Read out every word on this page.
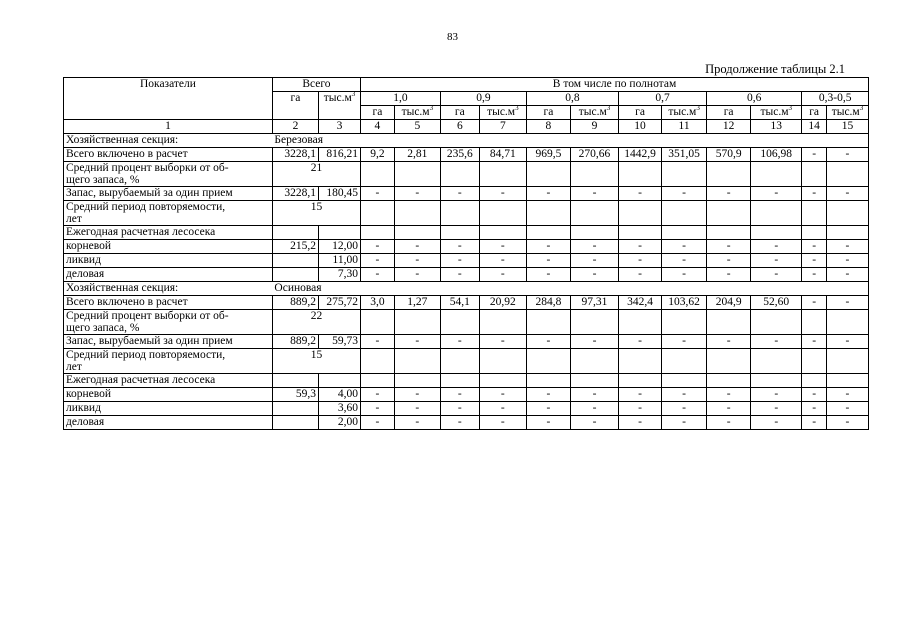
83
Продолжение таблицы 2.1
Показатели	Всего		В том числе по полнотам											
	га	$тыс.м^3$	1,0		0,9		0,8		0,7		0,6		0,3-0,5	
			га	$тыс.м^3$	га	$тыс.м^3$	га	$тыс.м^3$	га	$тыс.м^3$	га	$тыс.м^3$	га	$тыс.м^3$
1	2	3	4	5	6	7	8	9	10	11	12	13	14	15
Хозяйственная секция:	Березовая													
Всего включено в расчет	3228,1	816,21	9,2	2,81	235,6	84,71	969,5	270,66	1442,9	351,05	570,9	106,98	-	-

Средний процент выборки от об-
щего запаса, %	21													
Запас, вырубаемый за один прием	3228,1	180,45	-	-	-	-	-	-	-	-	-	-	-	-

Средний период повторяемости,
лет	15													
Ежегодная расчетная лесосека														
корневой	215,2	12,00	-	-	-	-	-	-	-	-	-	-	-	-
ликвид		11,00	-	-	-	-	-	-	-	-	-	-	-	-
деловая		7,30	-	-	-	-	-	-	-	-	-	-	-	-
Хозяйственная секция:	Осиновая													
Всего включено в расчет	889,2	275,72	3,0	1,27	54,1	20,92	284,8	97,31	342,4	103,62	204,9	52,60	-	-

Средний процент выборки от об-
щего запаса, %	22													
Запас, вырубаемый за один прием	889,2	59,73	-	-	-	-	-	-	-	-	-	-	-	-

Средний период повторяемости,
лет	15													
Ежегодная расчетная лесосека														
корневой	59,3	4,00	-	-	-	-	-	-	-	-	-	-	-	-
ликвид		3,60	-	-	-	-	-	-	-	-	-	-	-	-
деловая		2,00	-	-	-	-	-	-	-	-	-	-	-	-
